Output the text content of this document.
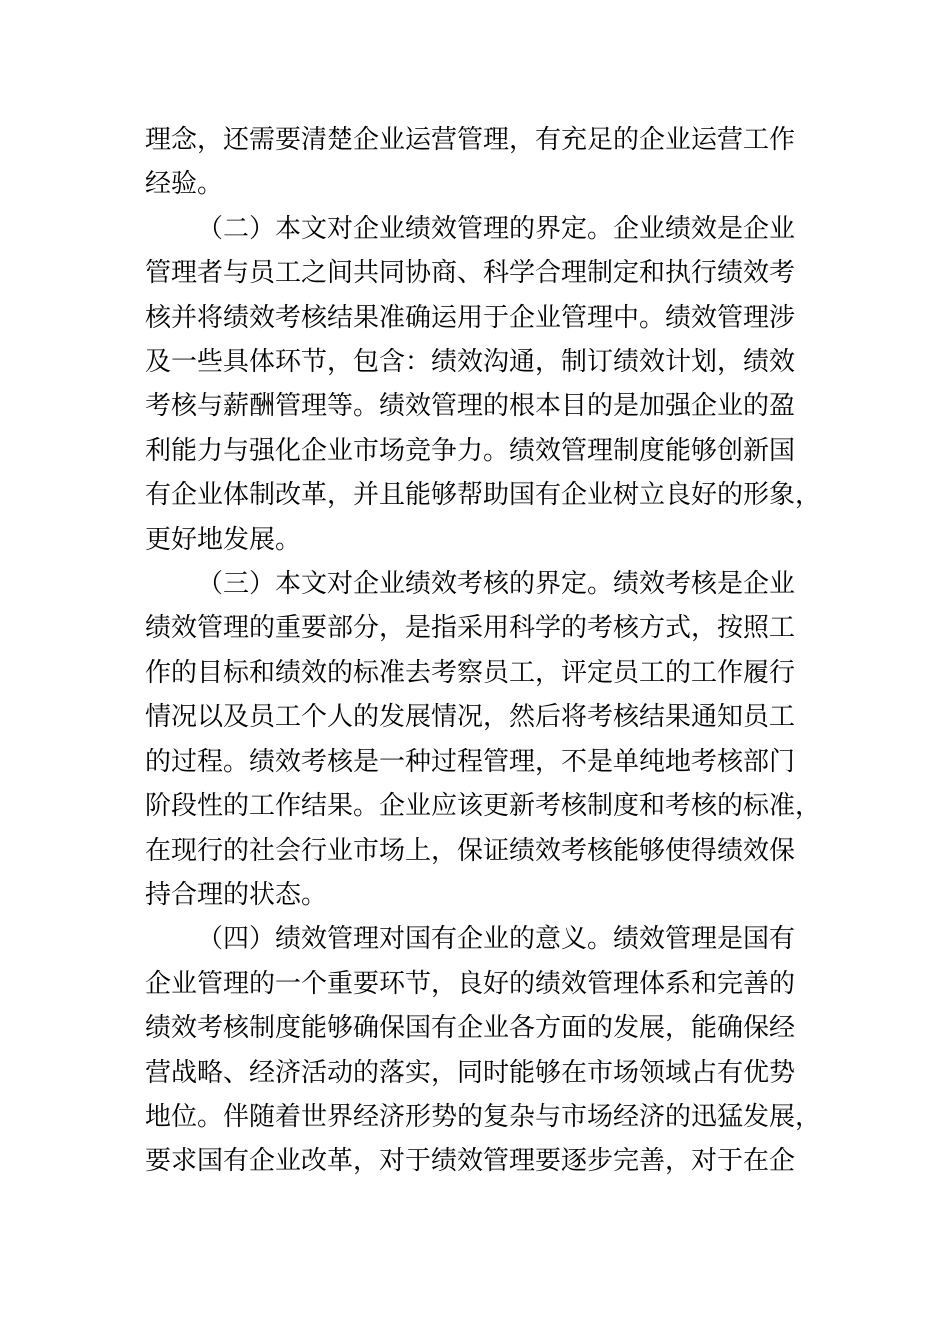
理念，还需要清楚企业运营管理，有充足的企业运营工作
经验。

（二）本文对企业绩效管理的界定。企业绩效是企业
管理者与员工之间共同协商、科学合理制定和执行绩效考
核并将绩效考核结果准确运用于企业管理中。绩效管理涉
及一些具体环节，包含：绩效沟通，制订绩效计划，绩效
考核与薪酬管理等。绩效管理的根本目的是加强企业的盈
利能力与强化企业市场竞争力。绩效管理制度能够创新国
有企业体制改革，并且能够帮助国有企业树立良好的形象，
更好地发展。

（三）本文对企业绩效考核的界定。绩效考核是企业
绩效管理的重要部分，是指采用科学的考核方式，按照工
作的目标和绩效的标准去考察员工，评定员工的工作履行
情况以及员工个人的发展情况，然后将考核结果通知员工
的过程。绩效考核是一种过程管理，不是单纯地考核部门
阶段性的工作结果。企业应该更新考核制度和考核的标准，
在现行的社会行业市场上，保证绩效考核能够使得绩效保
持合理的状态。

（四）绩效管理对国有企业的意义。绩效管理是国有
企业管理的一个重要环节，良好的绩效管理体系和完善的
绩效考核制度能够确保国有企业各方面的发展，能确保经
营战略、经济活动的落实，同时能够在市场领域占有优势
地位。伴随着世界经济形势的复杂与市场经济的迅猛发展，
要求国有企业改革，对于绩效管理要逐步完善，对于在企
